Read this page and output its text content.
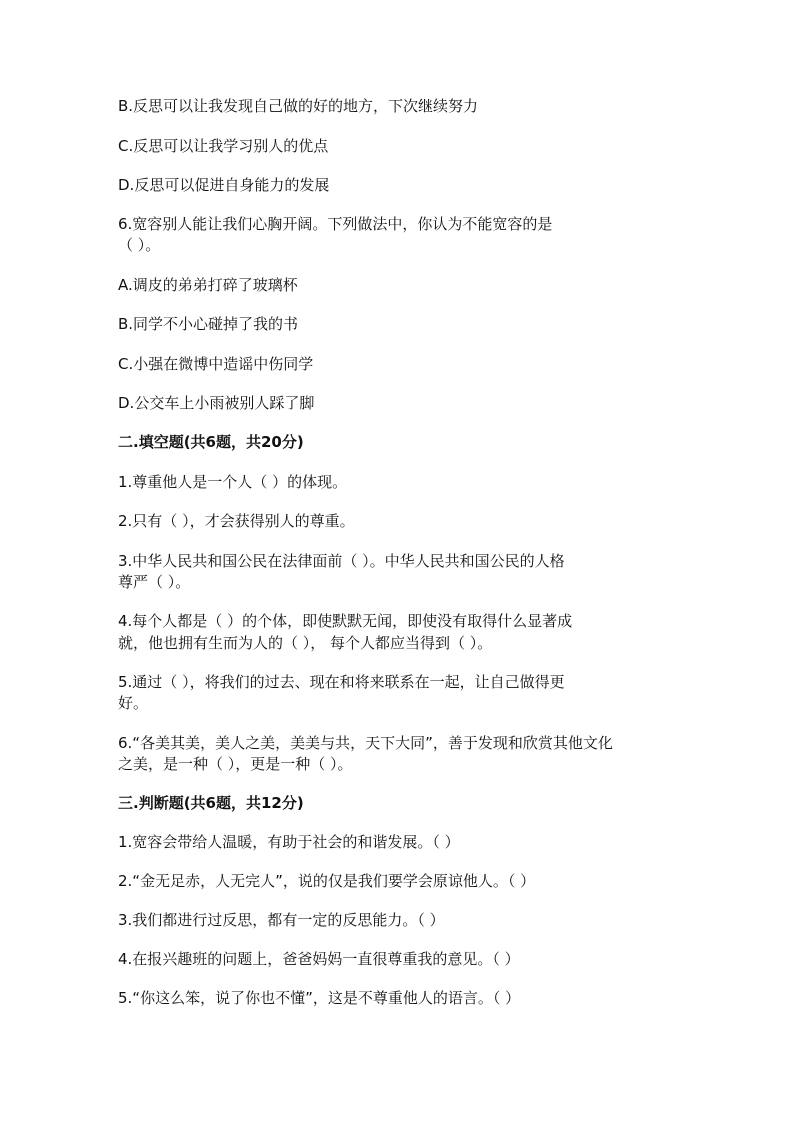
B.反思可以让我发现自己做的好的地方，下次继续努力
C.反思可以让我学习别人的优点
D.反思可以促进自身能力的发展
6.宽容别人能让我们心胸开阔。下列做法中，你认为不能宽容的是
（ ）。
A.调皮的弟弟打碎了玻璃杯
B.同学不小心碰掉了我的书
C.小强在微博中造谣中伤同学
D.公交车上小雨被别人踩了脚
二.填空题(共6题，共20分)
1.尊重他人是一个人（ ）的体现。
2.只有（ ），才会获得别人的尊重。
3.中华人民共和国公民在法律面前（ ）。中华人民共和国公民的人格
尊严（ ）。
4.每个人都是（ ）的个体，即使默默无闻，即使没有取得什么显著成
就，他也拥有生而为人的（ ）， 每个人都应当得到（ ）。
5.通过（ ），将我们的过去、现在和将来联系在一起，让自己做得更
好。
6.“各美其美，美人之美，美美与共，天下大同”，善于发现和欣赏其他文化
之美，是一种（ ），更是一种（ ）。
三.判断题(共6题，共12分)
1.宽容会带给人温暖，有助于社会的和谐发展。（ ）
2.“金无足赤，人无完人”，说的仅是我们要学会原谅他人。（ ）
3.我们都进行过反思，都有一定的反思能力。（ ）
4.在报兴趣班的问题上，爸爸妈妈一直很尊重我的意见。（ ）
5.“你这么笨，说了你也不懂”，这是不尊重他人的语言。（ ）
